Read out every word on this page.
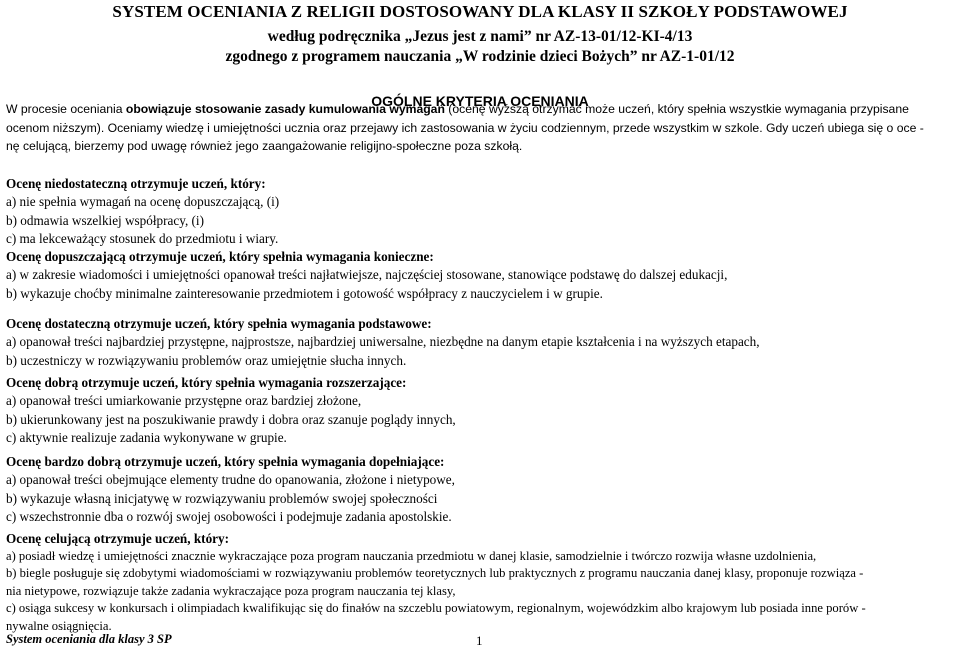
SYSTEM OCENIANIA Z RELIGII DOSTOSOWANY DLA KLASY II SZKOŁY PODSTAWOWEJ
według podręcznika „Jezus jest z nami” nr AZ-13-01/12-KI-4/13
zgodnego z programem nauczania „W rodzinie dzieci Bożych” nr AZ-1-01/12
OGÓLNE KRYTERIA OCENIANIA
W procesie oceniania obowiązuje stosowanie zasady kumulowania wymagań (ocenę wyższą otrzymać może uczeń, który spełnia wszystkie wymagania przypisane
ocenom niższym). Oceniamy wiedzę i umiejętności ucznia oraz przejawy ich zastosowania w życiu codziennym, przede wszystkim w szkole. Gdy uczeń ubiega się o oce -
nę celującą, bierzemy pod uwagę również jego zaangażowanie religijno-społeczne poza szkołą.
Ocenę niedostateczną otrzymuje uczeń, który:
a) nie spełnia wymagań na ocenę dopuszczającą, (i)
b) odmawia wszelkiej współpracy, (i)
c) ma lekceważący stosunek do przedmiotu i wiary.
Ocenę dopuszczającą otrzymuje uczeń, który spełnia wymagania konieczne:
a) w zakresie wiadomości i umiejętności opanował treści najłatwiejsze, najczęściej stosowane, stanowiące podstawę do dalszej edukacji,
b) wykazuje choćby minimalne zainteresowanie przedmiotem i gotowość współpracy z nauczycielem i w grupie.
Ocenę dostateczną otrzymuje uczeń, który spełnia wymagania podstawowe:
a) opanował treści najbardziej przystępne, najprostsze, najbardziej uniwersalne, niezbędne na danym etapie kształcenia i na wyższych etapach,
b) uczestniczy w rozwiązywaniu problemów oraz umiejętnie słucha innych.
Ocenę dobrą otrzymuje uczeń, który spełnia wymagania rozszerzające:
a) opanował treści umiarkowanie przystępne oraz bardziej złożone,
b) ukierunkowany jest na poszukiwanie prawdy i dobra oraz szanuje poglądy innych,
c) aktywnie realizuje zadania wykonywane w grupie.
Ocenę bardzo dobrą otrzymuje uczeń, który spełnia wymagania dopełniające:
a) opanował treści obejmujące elementy trudne do opanowania, złożone i nietypowe,
b) wykazuje własną inicjatywę w rozwiązywaniu problemów swojej społeczności
c) wszechstronnie dba o rozwój swojej osobowości i podejmuje zadania apostolskie.
Ocenę celującą otrzymuje uczeń, który:
a) posiadł wiedzę i umiejętności znacznie wykraczające poza program nauczania przedmiotu w danej klasie, samodzielnie i twórczo rozwija własne uzdolnienia,
b) biegle posługuje się zdobytymi wiadomościami w rozwiązywaniu problemów teoretycznych lub praktycznych z programu nauczania danej klasy, proponuje rozwiąza -
nia nietypowe, rozwiązuje także zadania wykraczające poza program nauczania tej klasy,
c) osiąga sukcesy w konkursach i olimpiadach kwalifikując się do finałów na szczeblu powiatowym, regionalnym, wojewódzkim albo krajowym lub posiada inne porów -
nywalne osiągnięcia.
System oceniania dla klasy 3 SP	1
